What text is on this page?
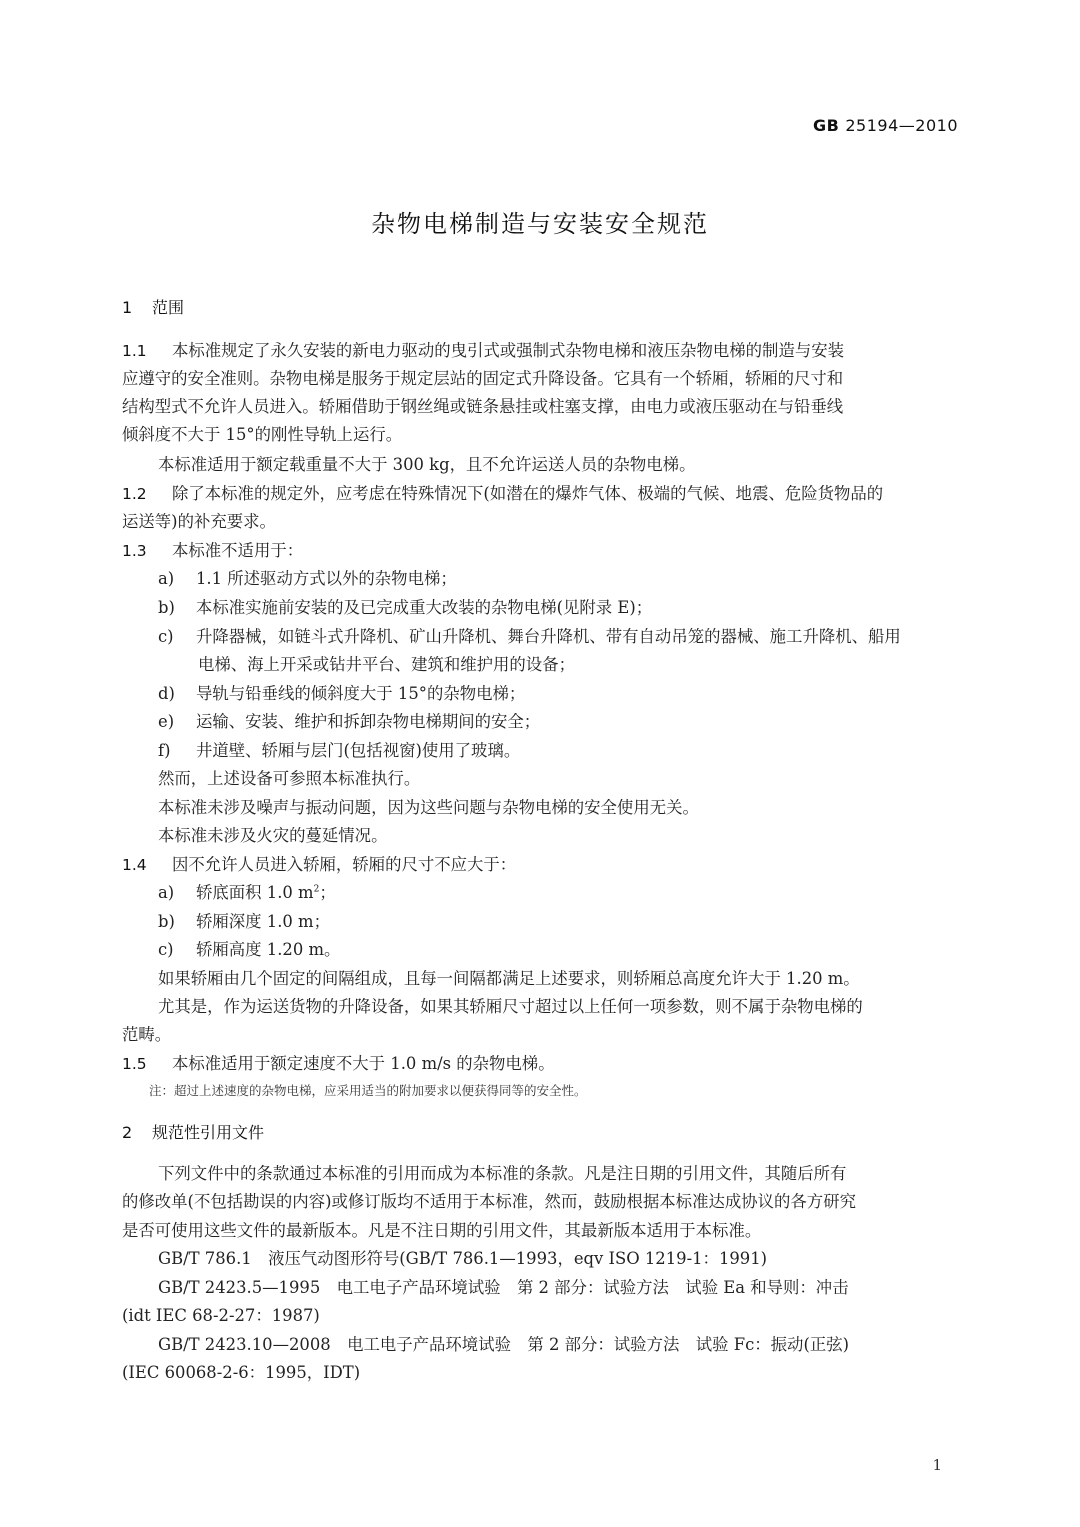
GB 25194—2010
杂物电梯制造与安装安全规范
1 范围
1.1 本标准规定了永久安装的新电力驱动的曳引式或强制式杂物电梯和液压杂物电梯的制造与安装
应遵守的安全准则。杂物电梯是服务于规定层站的固定式升降设备。它具有一个轿厢，轿厢的尺寸和
结构型式不允许人员进入。轿厢借助于钢丝绳或链条悬挂或柱塞支撑，由电力或液压驱动在与铅垂线
倾斜度不大于 15°的刚性导轨上运行。
本标准适用于额定载重量不大于 300 kg，且不允许运送人员的杂物电梯。
1.2 除了本标准的规定外，应考虑在特殊情况下(如潜在的爆炸气体、极端的气候、地震、危险货物品的
运送等)的补充要求。
1.3 本标准不适用于：
a) 1.1 所述驱动方式以外的杂物电梯；
b) 本标准实施前安装的及已完成重大改装的杂物电梯(见附录 E)；
c) 升降器械，如链斗式升降机、矿山升降机、舞台升降机、带有自动吊笼的器械、施工升降机、船用
电梯、海上开采或钻井平台、建筑和维护用的设备；
d) 导轨与铅垂线的倾斜度大于 15°的杂物电梯；
e) 运输、安装、维护和拆卸杂物电梯期间的安全；
f) 井道壁、轿厢与层门(包括视窗)使用了玻璃。
然而，上述设备可参照本标准执行。
本标准未涉及噪声与振动问题，因为这些问题与杂物电梯的安全使用无关。
本标准未涉及火灾的蔓延情况。
1.4 因不允许人员进入轿厢，轿厢的尺寸不应大于：
a) 轿底面积 1.0 $m^2$；
b) 轿厢深度 1.0 m；
c) 轿厢高度 1.20 m。
如果轿厢由几个固定的间隔组成，且每一间隔都满足上述要求，则轿厢总高度允许大于 1.20 m。
尤其是，作为运送货物的升降设备，如果其轿厢尺寸超过以上任何一项参数，则不属于杂物电梯的
范畴。
1.5 本标准适用于额定速度不大于 1.0 m/s 的杂物电梯。
注：超过上述速度的杂物电梯，应采用适当的附加要求以便获得同等的安全性。
2 规范性引用文件
下列文件中的条款通过本标准的引用而成为本标准的条款。凡是注日期的引用文件，其随后所有
的修改单(不包括勘误的内容)或修订版均不适用于本标准，然而，鼓励根据本标准达成协议的各方研究
是否可使用这些文件的最新版本。凡是不注日期的引用文件，其最新版本适用于本标准。
GB/T 786.1　液压气动图形符号(GB/T 786.1—1993，eqv ISO 1219-1：1991)
GB/T 2423.5—1995　电工电子产品环境试验　第 2 部分：试验方法　试验 Ea 和导则：冲击
(idt IEC 68-2-27：1987)
GB/T 2423.10—2008　电工电子产品环境试验　第 2 部分：试验方法　试验 Fc：振动(正弦)
(IEC 60068-2-6：1995，IDT)
1
